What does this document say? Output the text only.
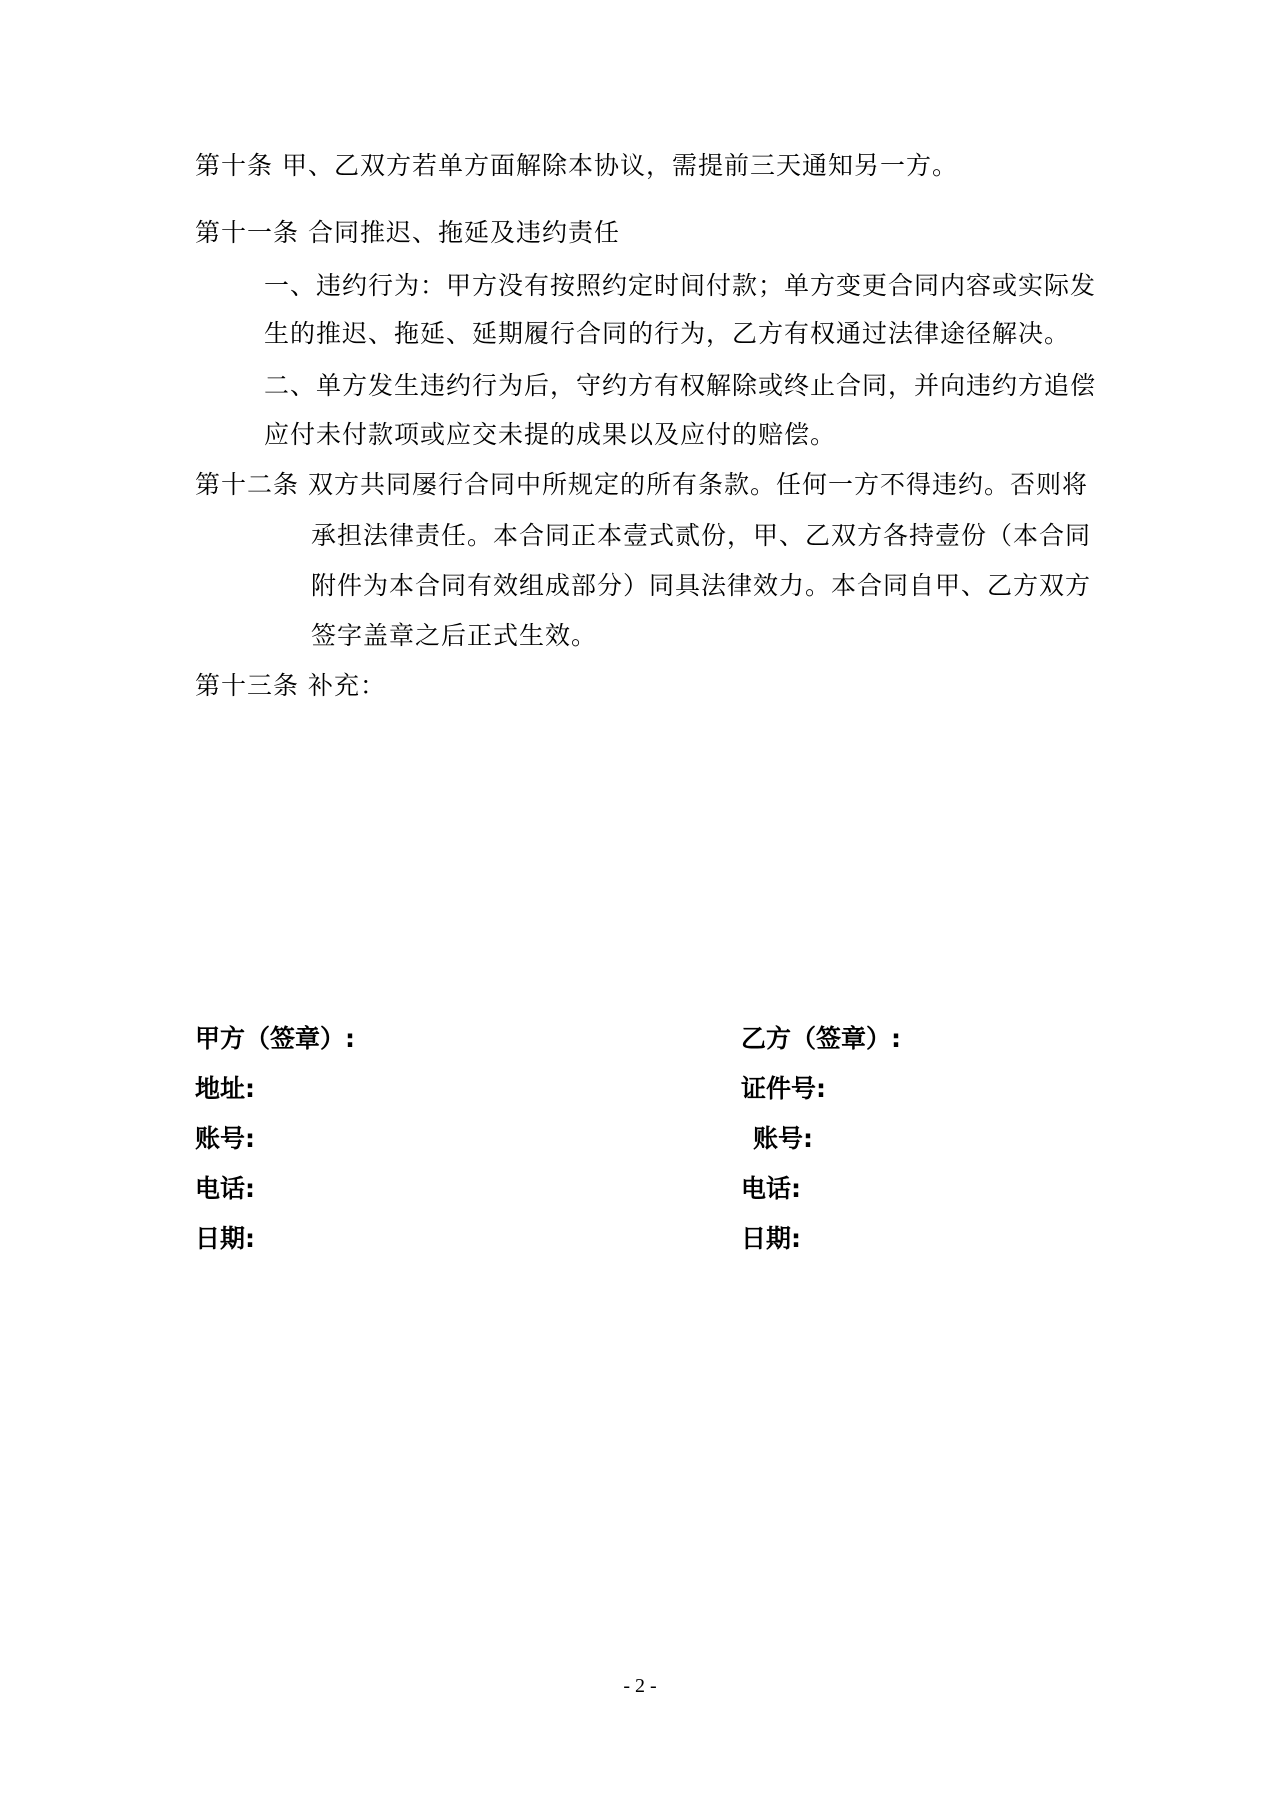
第十条 甲、乙双方若单方面解除本协议，需提前三天通知另一方。
第十一条 合同推迟、拖延及违约责任
一、违约行为：甲方没有按照约定时间付款；单方变更合同内容或实际发
生的推迟、拖延、延期履行合同的行为，乙方有权通过法律途径解决。
二、单方发生违约行为后，守约方有权解除或终止合同，并向违约方追偿
应付未付款项或应交未提的成果以及应付的赔偿。
第十二条 双方共同屡行合同中所规定的所有条款。任何一方不得违约。否则将
承担法律责任。本合同正本壹式贰份，甲、乙双方各持壹份（本合同
附件为本合同有效组成部分）同具法律效力。本合同自甲、乙方双方
签字盖章之后正式生效。
第十三条 补充：
甲方（签章）:
地址:
账号:
电话:
日期:
乙方（签章）:
证件号:
账号:
电话:
日期:
- 2 -
